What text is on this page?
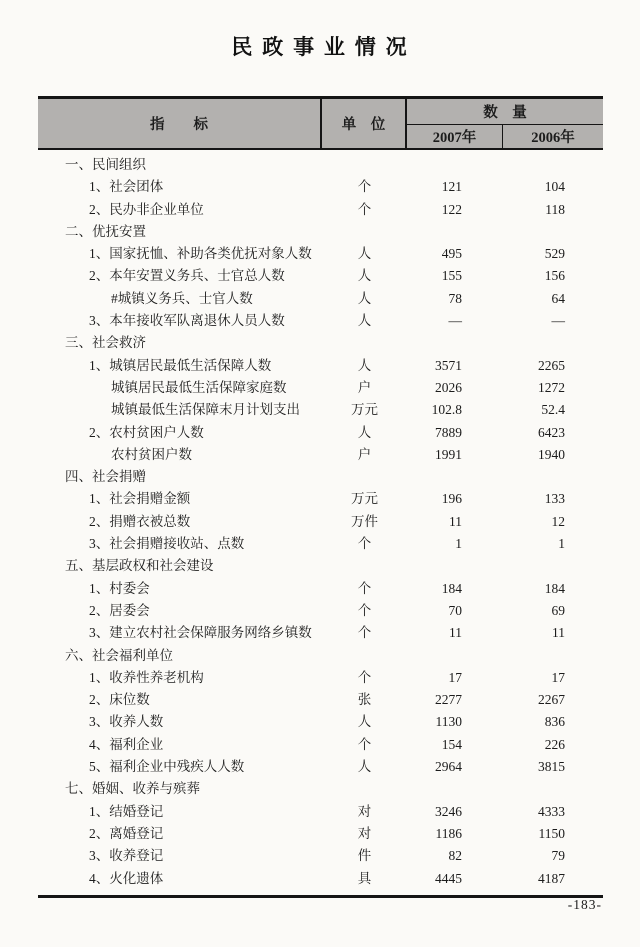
民 政 事 业 情 况
指　　标	单　位
数　量
2007年	2006年
一、民间组织
1、社会团体	个	121	104
2、民办非企业单位	个	122	118
二、优抚安置
1、国家抚恤、补助各类优抚对象人数	人	495	529
2、本年安置义务兵、士官总人数	人	155	156
#城镇义务兵、士官人数	人	78	64
3、本年接收军队离退休人员人数	人	—	—
三、社会救济
1、城镇居民最低生活保障人数	人	3571	2265
城镇居民最低生活保障家庭数	户	2026	1272
城镇最低生活保障末月计划支出	万元	102.8	52.4
2、农村贫困户人数	人	7889	6423
农村贫困户数	户	1991	1940
四、社会捐赠
1、社会捐赠金额	万元	196	133
2、捐赠衣被总数	万件	11	12
3、社会捐赠接收站、点数	个	1	1
五、基层政权和社会建设
1、村委会	个	184	184
2、居委会	个	70	69
3、建立农村社会保障服务网络乡镇数	个	11	11
六、社会福利单位
1、收养性养老机构	个	17	17
2、床位数	张	2277	2267
3、收养人数	人	1130	836
4、福利企业	个	154	226
5、福利企业中残疾人人数	人	2964	3815
七、婚姻、收养与殡葬
1、结婚登记	对	3246	4333
2、离婚登记	对	1186	1150
3、收养登记	件	82	79
4、火化遗体	具	4445	4187
-183-
